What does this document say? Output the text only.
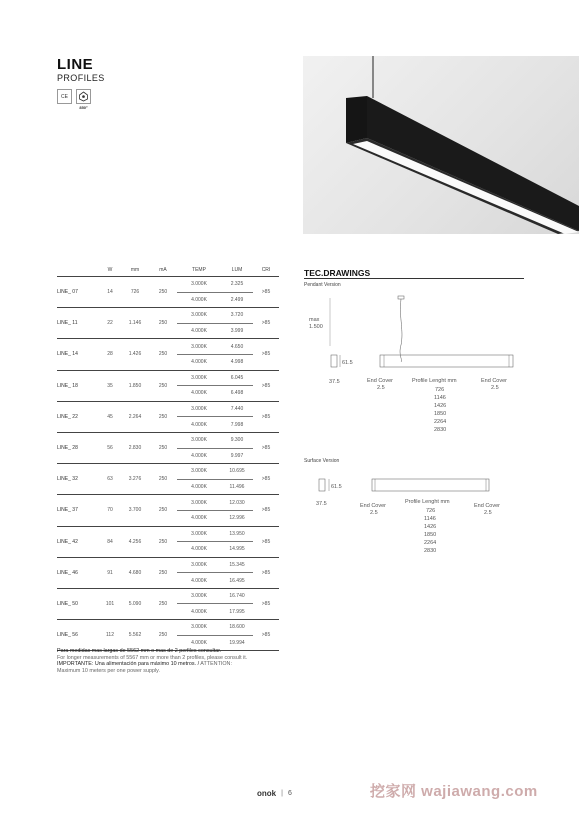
LINE
PROFILES
CE
850°
	W	mm	mA	TEMP	LUM	CRI
LINE_ 07	14	726	250	3.000K	2.325	>85
				4.000K	2.499	
LINE_ 11	22	1.146	250	3.000K	3.720	>85
				4.000K	3.999	
LINE_ 14	28	1.426	250	3.000K	4.650	>85
				4.000K	4.998	
LINE_ 18	35	1.850	250	3.000K	6.045	>85
				4.000K	6.498	
LINE_ 22	45	2.264	250	3.000K	7.440	>85
				4.000K	7.998	
LINE_ 28	56	2.830	250	3.000K	9.300	>85
				4.000K	9.997	
LINE_ 32	63	3.276	250	3.000K	10.695	>85
				4.000K	11.496	
LINE_ 37	70	3.700	250	3.000K	12.030	>85
				4.000K	12.996	
LINE_ 42	84	4.256	250	3.000K	13.950	>85
				4.000K	14.995	
LINE_ 46	91	4.680	250	3.000K	15.345	>85
				4.000K	16.495	
LINE_ 50	101	5.090	250	3.000K	16.740	>85
				4.000K	17.995	
LINE_ 56	112	5.562	250	3.000K	18.600	>85
				4.000K	19.994	
Para medidas mas largas de 5562 mm o mas de 2 perfiles consultar.
For longer measurements of 5567 mm or more than 2 profiles, please consult it.
IMPORTANTE: Una alimentación para máximo 10 metros. / ATTENTION:
Maximum 10 meters per one power supply.
TEC.DRAWINGS
Pendant Version
Surface Version
max
1.500
61.5
37.5	End Cover
2.5
Profile Lenght mm	End Cover
2.5
726
1146
1426
1850
2264
2830
61.5
37.5	End Cover
2.5
Profile Lenght mm
End Cover
2.5
726
1146
1426
1850
2264
2830
onok | 6	挖家网 wajiawang.com
